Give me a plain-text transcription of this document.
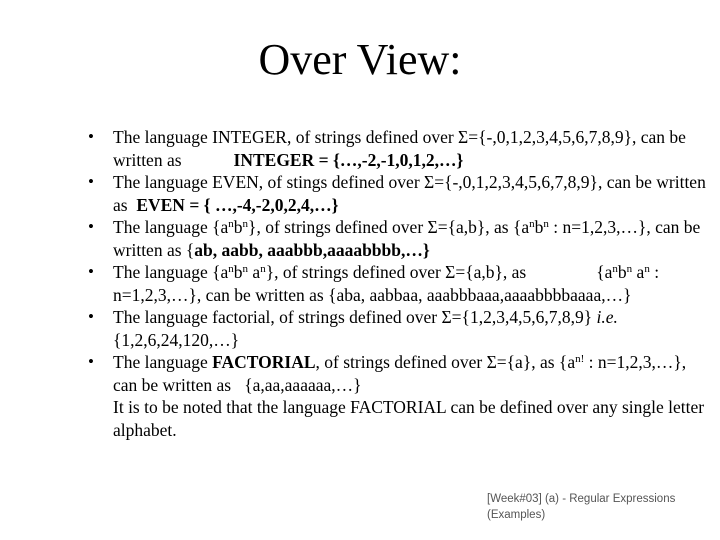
Over View:
• The language INTEGER, of strings defined over Σ={-,0,1,2,3,4,5,6,7,8,9}, can be written as	INTEGER = {…,-2,-1,0,1,2,…}
• The language EVEN, of stings defined over Σ={-,0,1,2,3,4,5,6,7,8,9}, can be written as EVEN = { …,-4,-2,0,2,4,…}
• The language $\{a^nb^n\}$, of strings defined over Σ={a,b}, as {$a^nb^n$ : n=1,2,3,…}, can be written as {ab, aabb, aaabbb,aaaabbbb,…}
• The language {$a^nb^n$ $a^n$}, of strings defined over Σ={a,b}, as	{$a^nb^n$ $a^n$ : n=1,2,3,…}, can be written as {aba, aabbaa, aaabbbaaa,aaaabbbbaaaa,…}
• The language factorial, of strings defined over Σ={1,2,3,4,5,6,7,8,9} i.e. {1,2,6,24,120,…}
• The language FACTORIAL, of strings defined over Σ={a}, as {$a^{n!}$ : n=1,2,3,…}, can be written as {a,aa,aaaaaa,…}
It is to be noted that the language FACTORIAL can be defined over any single letter alphabet.
[Week#03] (a) - Regular Expressions
(Examples)
